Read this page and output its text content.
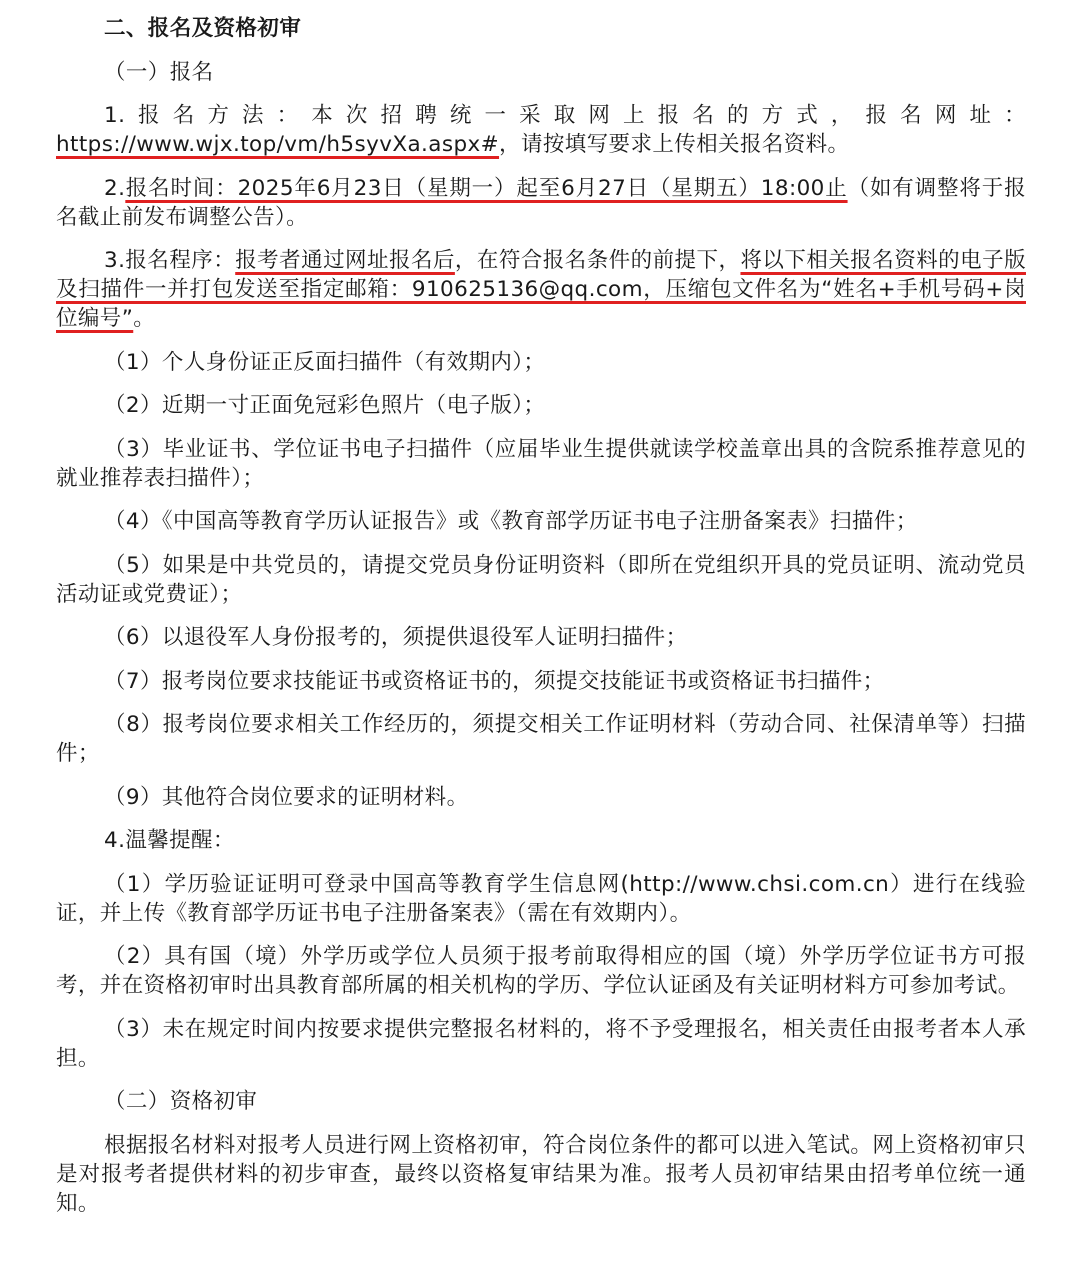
二、报名及资格初审

（一）报名

1.报名方法：本次招聘统一采取网上报名的方式，报名网址：https://www.wjx.top/vm/h5syvXa.aspx#，请按填写要求上传相关报名资料。

2.报名时间：2025年6月23日（星期一）起至6月27日（星期五）18:00止（如有调整将于报名截止前发布调整公告）。

3.报名程序：报考者通过网址报名后，在符合报名条件的前提下，将以下相关报名资料的电子版及扫描件一并打包发送至指定邮箱：910625136@qq.com，压缩包文件名为“姓名+手机号码+岗位编号”。

（1）个人身份证正反面扫描件（有效期内）；

（2）近期一寸正面免冠彩色照片（电子版）；

（3）毕业证书、学位证书电子扫描件（应届毕业生提供就读学校盖章出具的含院系推荐意见的就业推荐表扫描件）；

（4）《中国高等教育学历认证报告》或《教育部学历证书电子注册备案表》扫描件；

（5）如果是中共党员的，请提交党员身份证明资料（即所在党组织开具的党员证明、流动党员活动证或党费证）；

（6）以退役军人身份报考的，须提供退役军人证明扫描件；

（7）报考岗位要求技能证书或资格证书的，须提交技能证书或资格证书扫描件；

（8）报考岗位要求相关工作经历的，须提交相关工作证明材料（劳动合同、社保清单等）扫描件；

（9）其他符合岗位要求的证明材料。

4.温馨提醒：

（1）学历验证证明可登录中国高等教育学生信息网(http://www.chsi.com.cn）进行在线验证，并上传《教育部学历证书电子注册备案表》（需在有效期内）。

（2）具有国（境）外学历或学位人员须于报考前取得相应的国（境）外学历学位证书方可报考，并在资格初审时出具教育部所属的相关机构的学历、学位认证函及有关证明材料方可参加考试。

（3）未在规定时间内按要求提供完整报名材料的，将不予受理报名，相关责任由报考者本人承担。

（二）资格初审

根据报名材料对报考人员进行网上资格初审，符合岗位条件的都可以进入笔试。网上资格初审只是对报考者提供材料的初步审查，最终以资格复审结果为准。报考人员初审结果由招考单位统一通知。
